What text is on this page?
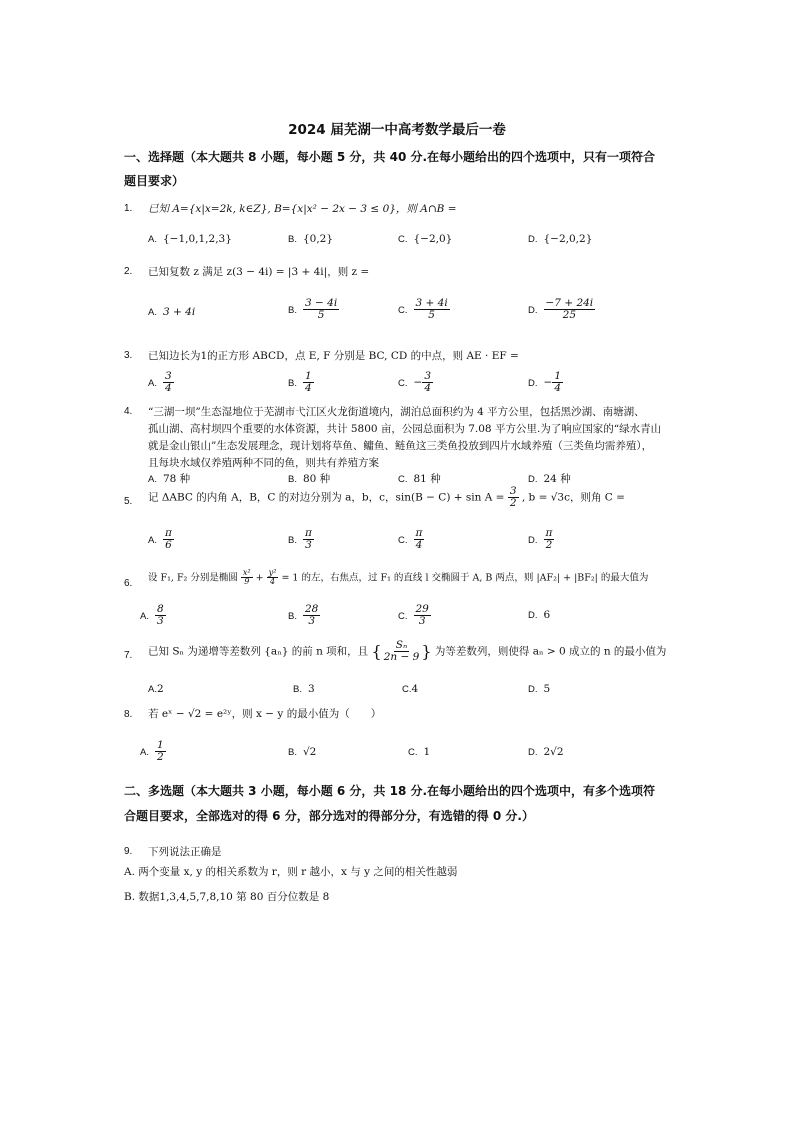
2024 届芜湖一中高考数学最后一卷
一、选择题（本大题共 8 小题，每小题 5 分，共 40 分.在每小题给出的四个选项中，只有一项符合
题目要求）
1. 已知 A={x|x=2k, k∈Z}, B={x|x² − 2x − 3 ≤ 0}，则 A∩B =
A. {−1,0,1,2,3}	B. {0,2}	C. {−2,0}	D. {−2,0,2}
2. 已知复数 z 满足 z(3 − 4i) = |3 + 4i|，则 z =
A. 3 + 4i	B. $\frac{3 - 4i}{5}$	C. $\frac{3 + 4i}{5}$	D. $\frac{-7 + 24i}{25}$
3. 已知边长为1的正方形 ABCD，点 E, F 分别是 BC, CD 的中点，则 AE · EF =
A. $\frac{3}{4}$	B. $\frac{1}{4}$	C. − $\frac{3}{4}$	D. − $\frac{1}{4}$
4. “三湖一坝”生态湿地位于芜湖市弋江区火龙街道境内，湖泊总面积约为 4 平方公里，包括黑沙湖、南塘湖、
孤山湖、高村坝四个重要的水体资源，共计 5800 亩，公园总面积为 7.08 平方公里.为了响应国家的“绿水青山
就是金山银山”生态发展理念，现计划将草鱼、鳙鱼、鲢鱼这三类鱼投放到四片水域养殖（三类鱼均需养殖），
且每块水域仅养殖两种不同的鱼，则共有养殖方案
A. 78 种	B. 80 种	C. 81 种	D. 24 种
5. 记 ΔABC 的内角 A，B，C 的对边分别为 a，b，c，$\sin(B - C) + \sin A = \frac{3}{2}$ , b = √3c，则角 C =
A. $\frac{\pi}{6}$	B. $\frac{\pi}{3}$	C. $\frac{\pi}{4}$	D. $\frac{\pi}{2}$
6.
设 F₁, F₂ 分别是椭圆 $\frac{\text{x²}}{9} + \frac{\text{y²}}{4} = 1$ 的左，右焦点，过 F₁ 的直线 l 交椭圆于 A, B 两点，则 |AF₂| + |BF₂| 的最大值为
A. $\frac{8}{3}$	B. $\frac{28}{3}$	C. $\frac{29}{3}$	D. 6
7. 已知 Sₙ 为递增等差数列 {aₙ} 的前 n 项和，且 { $\frac{\text{Sₙ}}{2n - 9}$ } 为等差数列，则使得 aₙ > 0 成立的 n 的最小值为
A.2	B. 3	C.4	D. 5
8. 若 eˣ − √2 = e²ʸ，则 x − y 的最小值为（　　）
A. $\frac{1}{2}$	B. √2	C. 1	D. 2√2
二、多选题（本大题共 3 小题，每小题 6 分，共 18 分.在每小题给出的四个选项中，有多个选项符
合题目要求，全部选对的得 6 分，部分选对的得部分分，有选错的得 0 分.）
9. 下列说法正确是
A. 两个变量 x, y 的相关系数为 r，则 r 越小，x 与 y 之间的相关性越弱
B. 数据1,3,4,5,7,8,10 第 80 百分位数是 8
